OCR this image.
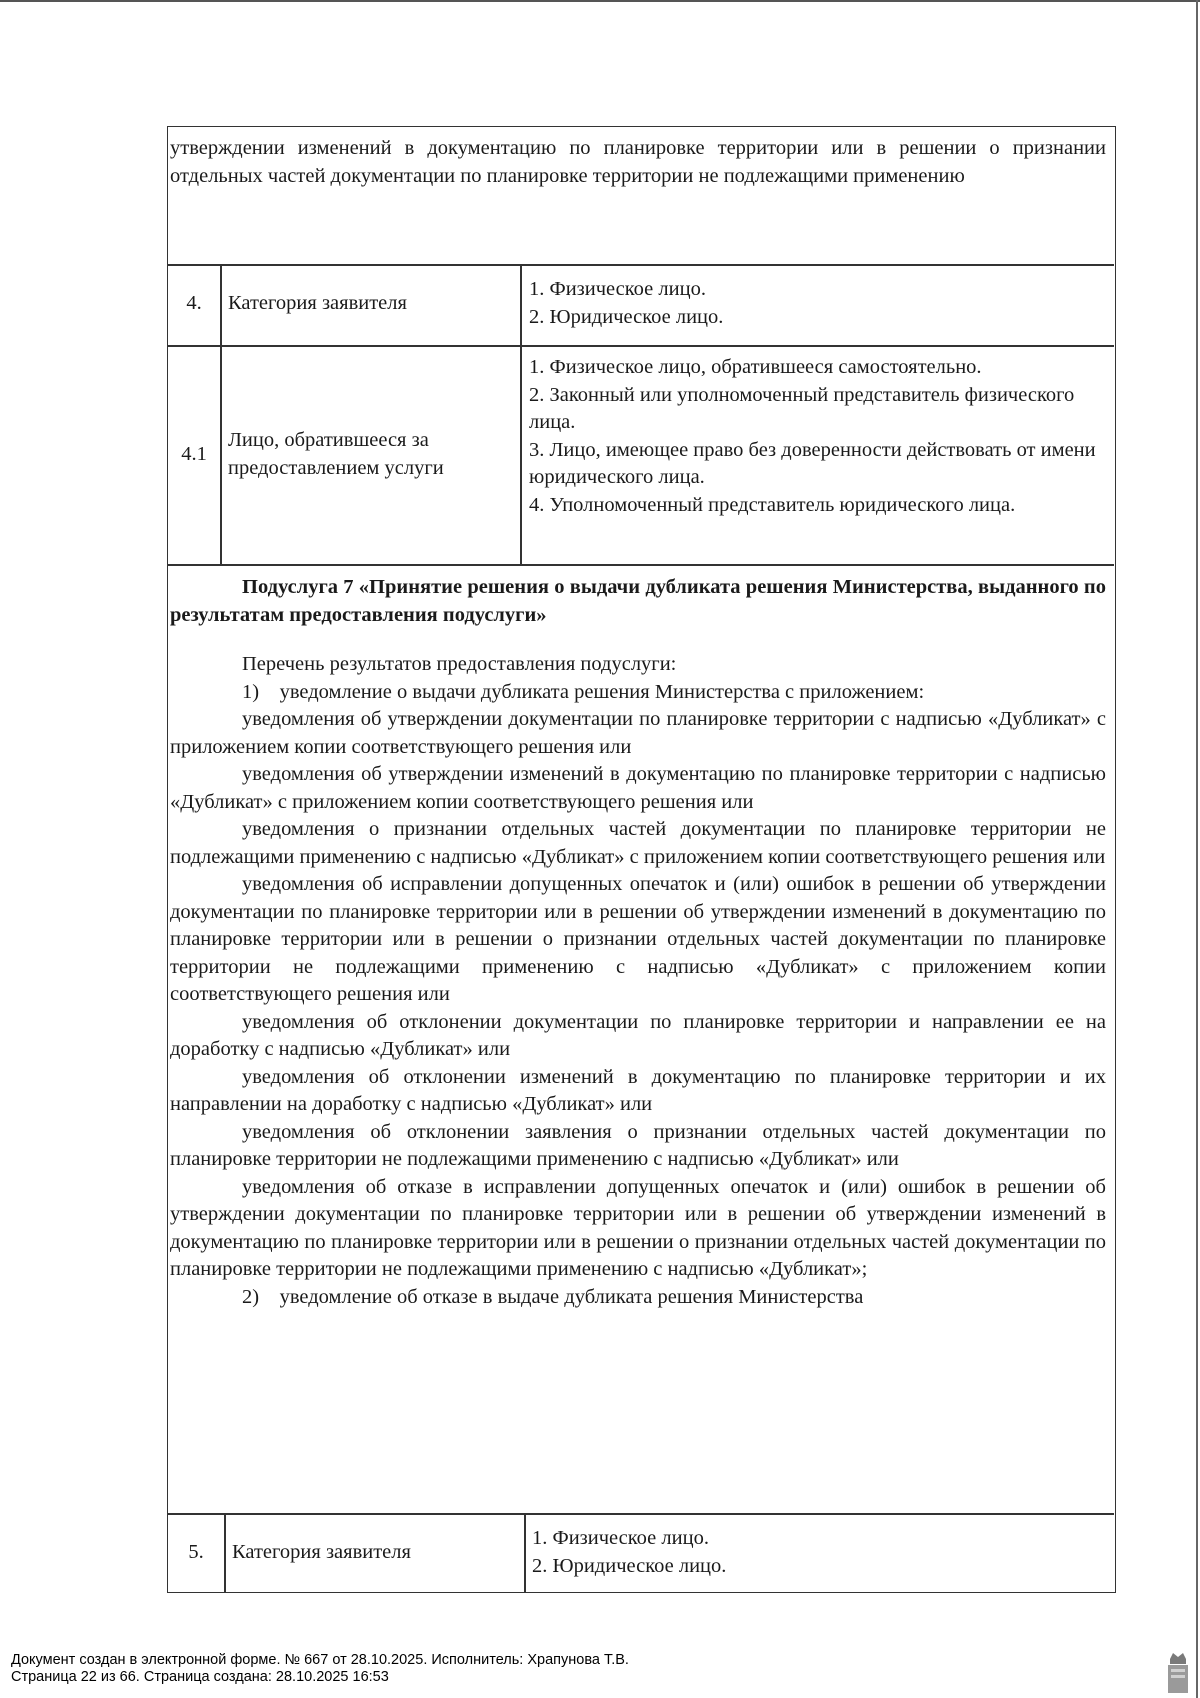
утверждении изменений в документацию по планировке территории или в решении о признании отдельных частей документации по планировке территории не подлежащими применению
4.	Категория заявителя
1. Физическое лицо.
2. Юридическое лицо.
4.1
Лицо, обратившееся за предоставлением услуги
1. Физическое лицо, обратившееся самостоятельно.
2. Законный или уполномоченный представитель физического лица.
3. Лицо, имеющее право без доверенности действовать от имени юридического лица.
4. Уполномоченный представитель юридического лица.
Подуслуга 7 «Принятие решения о выдачи дубликата решения Министерства, выданного по результатам предоставления подуслуги»
Перечень результатов предоставления подуслуги:
1) уведомление о выдачи дубликата решения Министерства с приложением:
уведомления об утверждении документации по планировке территории с надписью «Дубликат» с приложением копии соответствующего решения или
уведомления об утверждении изменений в документацию по планировке территории с надписью «Дубликат» с приложением копии соответствующего решения или
уведомления о признании отдельных частей документации по планировке территории не подлежащими применению с надписью «Дубликат» с приложением копии соответствующего решения или
уведомления об исправлении допущенных опечаток и (или) ошибок в решении об утверждении документации по планировке территории или в решении об утверждении изменений в документацию по планировке территории или в решении о признании отдельных частей документации по планировке территории не подлежащими применению с надписью «Дубликат» с приложением копии соответствующего решения или
уведомления об отклонении документации по планировке территории и направлении ее на доработку с надписью «Дубликат» или
уведомления об отклонении изменений в документацию по планировке территории и их направлении на доработку с надписью «Дубликат» или
уведомления об отклонении заявления о признании отдельных частей документации по планировке территории не подлежащими применению с надписью «Дубликат» или
уведомления об отказе в исправлении допущенных опечаток и (или) ошибок в решении об утверждении документации по планировке территории или в решении об утверждении изменений в документацию по планировке территории или в решении о признании отдельных частей документации по планировке территории не подлежащими применению с надписью «Дубликат»;
2) уведомление об отказе в выдаче дубликата решения Министерства
5.	Категория заявителя
1. Физическое лицо.
2. Юридическое лицо.
Документ создан в электронной форме. № 667 от 28.10.2025. Исполнитель: Храпунова Т.В.
Страница 22 из 66. Страница создана: 28.10.2025 16:53
